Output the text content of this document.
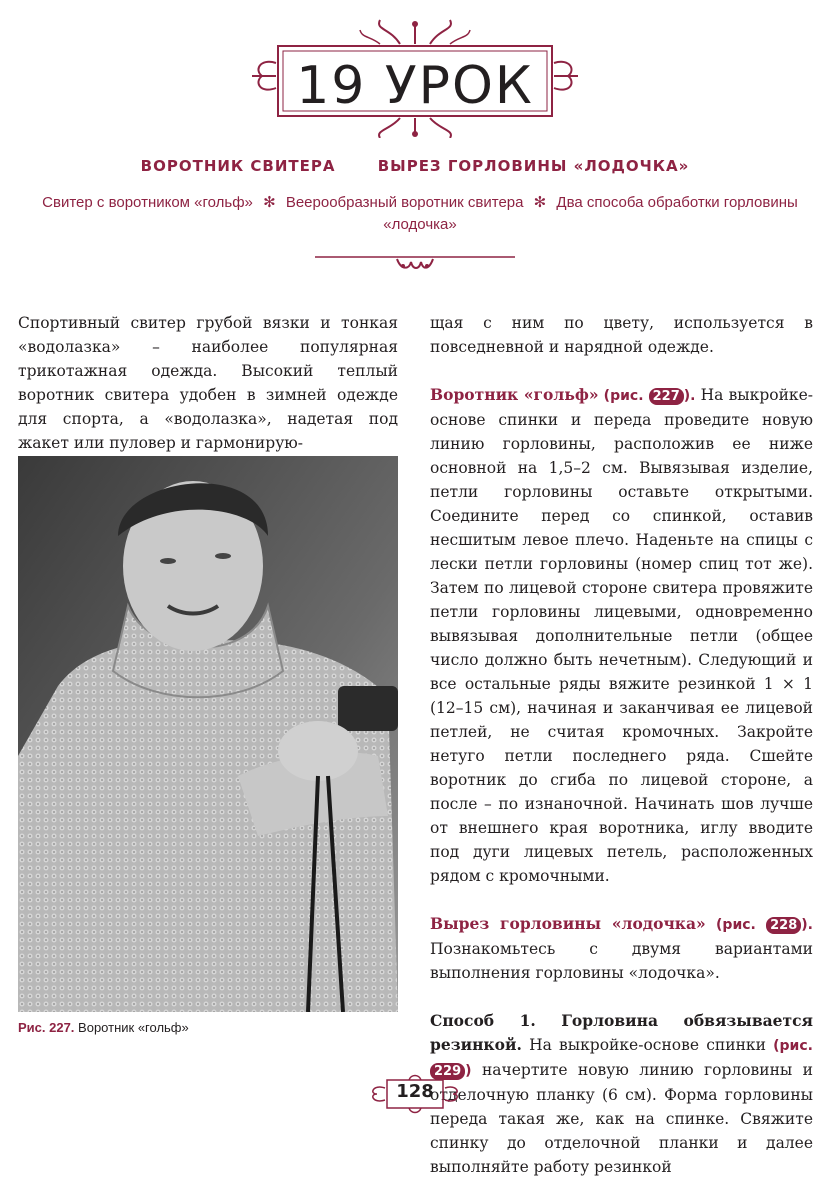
19 УРОК
ВОРОТНИК СВИТЕРА	ВЫРЕЗ ГОРЛОВИНЫ «ЛОДОЧКА»
Свитер с воротником «гольф» ✻ Веерообразный воротник свитера ✻ Два способа обработки горловины «лодочка»

Спортивный свитер грубой вязки и тонкая «водолазка» – наиболее популярная трикотажная одежда. Высокий теплый воротник свитера удобен в зимней одежде для спорта, а «водолазка», надетая под жакет или пуловер и гармонирую-

Рис. 227. Воротник «гольф»

щая с ним по цвету, используется в повседневной и нарядной одежде.

Воротник «гольф» (рис. 227 ). На выкройке-основе спинки и переда проведите новую линию горловины, расположив ее ниже основной на 1,5–2 см. Вывязывая изделие, петли горловины оставьте открытыми. Соедините перед со спинкой, оставив несшитым левое плечо. Наденьте на спицы с лески петли горловины (номер спиц тот же). Затем по лицевой стороне свитера провяжите петли горловины лицевыми, одновременно вывязывая дополнительные петли (общее число должно быть нечетным). Следующий и все остальные ряды вяжите резинкой 1 × 1 (12–15 см), начиная и заканчивая ее лицевой петлей, не считая кромочных. Закройте нетуго петли последнего ряда. Сшейте воротник до сгиба по лицевой стороне, а после – по изнаночной. Начинать шов лучше от внешнего края воротника, иглу вводите под дуги лицевых петель, расположенных рядом с кромочными.

Вырез горловины «лодочка» (рис. 228 ). Познакомьтесь с двумя вариантами выполнения горловины «лодочка».

Способ 1. Горловина обвязывается резинкой. На выкройке-основе спинки (рис. 229 ) начертите новую линию горловины и отделочную планку (6 см). Форма горловины переда такая же, как на спинке. Свяжите спинку до отделочной планки и далее выполняйте работу резинкой

128
